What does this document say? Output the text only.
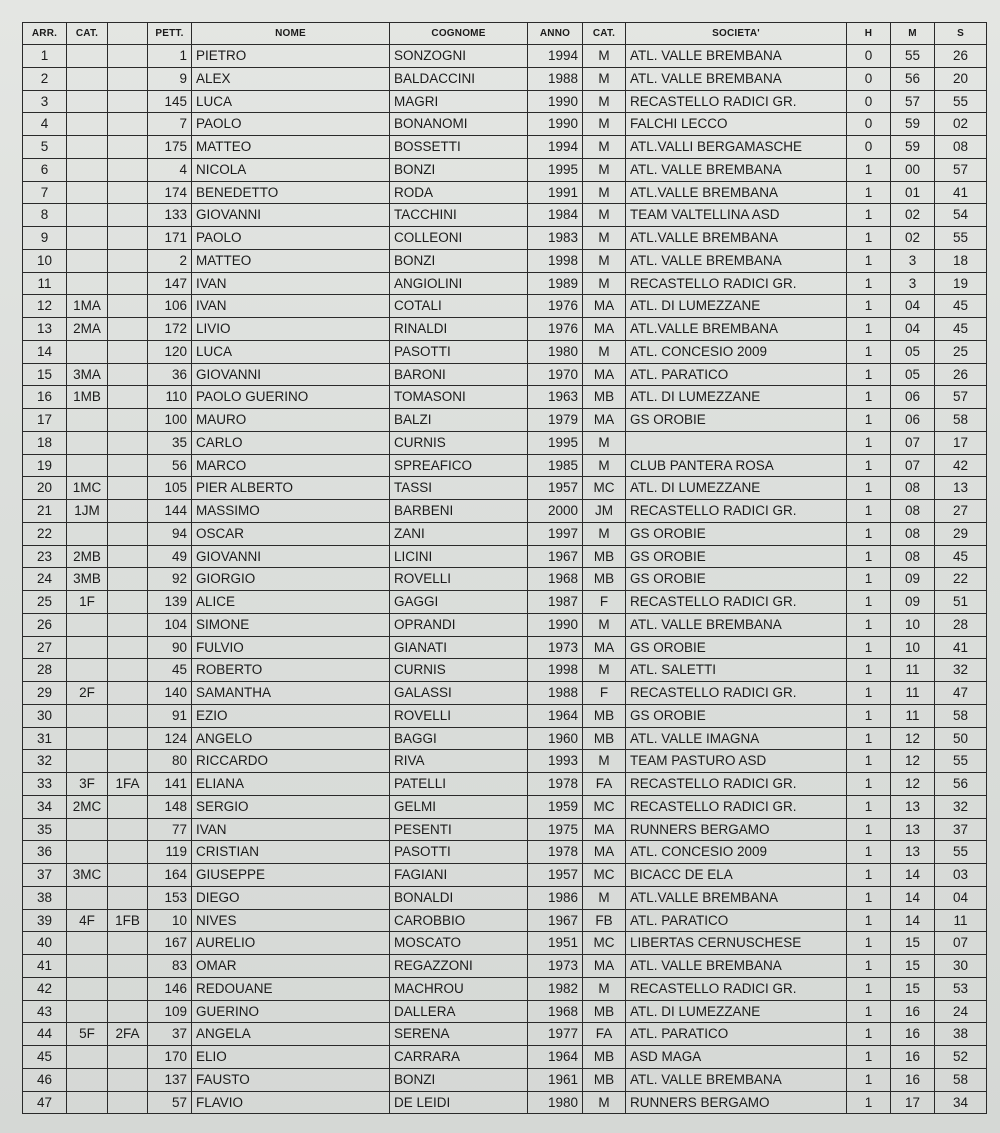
ARR.	CAT.		PETT.	NOME	COGNOME	ANNO	CAT.	SOCIETA'	H	M	S
1			1	PIETRO	SONZOGNI	1994	M	ATL. VALLE BREMBANA	0	55	26
2			9	ALEX	BALDACCINI	1988	M	ATL. VALLE BREMBANA	0	56	20
3			145	LUCA	MAGRI	1990	M	RECASTELLO RADICI GR.	0	57	55
4			7	PAOLO	BONANOMI	1990	M	FALCHI LECCO	0	59	02
5			175	MATTEO	BOSSETTI	1994	M	ATL.VALLI BERGAMASCHE	0	59	08
6			4	NICOLA	BONZI	1995	M	ATL. VALLE BREMBANA	1	00	57
7			174	BENEDETTO	RODA	1991	M	ATL.VALLE BREMBANA	1	01	41
8			133	GIOVANNI	TACCHINI	1984	M	TEAM VALTELLINA ASD	1	02	54
9			171	PAOLO	COLLEONI	1983	M	ATL.VALLE BREMBANA	1	02	55
10			2	MATTEO	BONZI	1998	M	ATL. VALLE BREMBANA	1	3	18
11			147	IVAN	ANGIOLINI	1989	M	RECASTELLO RADICI GR.	1	3	19
12	1MA		106	IVAN	COTALI	1976	MA	ATL. DI LUMEZZANE	1	04	45
13	2MA		172	LIVIO	RINALDI	1976	MA	ATL.VALLE BREMBANA	1	04	45
14			120	LUCA	PASOTTI	1980	M	ATL. CONCESIO 2009	1	05	25
15	3MA		36	GIOVANNI	BARONI	1970	MA	ATL. PARATICO	1	05	26
16	1MB		110	PAOLO GUERINO	TOMASONI	1963	MB	ATL. DI LUMEZZANE	1	06	57
17			100	MAURO	BALZI	1979	MA	GS OROBIE	1	06	58
18			35	CARLO	CURNIS	1995	M		1	07	17
19			56	MARCO	SPREAFICO	1985	M	CLUB PANTERA ROSA	1	07	42
20	1MC		105	PIER ALBERTO	TASSI	1957	MC	ATL. DI LUMEZZANE	1	08	13
21	1JM		144	MASSIMO	BARBENI	2000	JM	RECASTELLO RADICI GR.	1	08	27
22			94	OSCAR	ZANI	1997	M	GS OROBIE	1	08	29
23	2MB		49	GIOVANNI	LICINI	1967	MB	GS OROBIE	1	08	45
24	3MB		92	GIORGIO	ROVELLI	1968	MB	GS OROBIE	1	09	22
25	1F		139	ALICE	GAGGI	1987	F	RECASTELLO RADICI GR.	1	09	51
26			104	SIMONE	OPRANDI	1990	M	ATL. VALLE BREMBANA	1	10	28
27			90	FULVIO	GIANATI	1973	MA	GS OROBIE	1	10	41
28			45	ROBERTO	CURNIS	1998	M	ATL. SALETTI	1	11	32
29	2F		140	SAMANTHA	GALASSI	1988	F	RECASTELLO RADICI GR.	1	11	47
30			91	EZIO	ROVELLI	1964	MB	GS OROBIE	1	11	58
31			124	ANGELO	BAGGI	1960	MB	ATL. VALLE IMAGNA	1	12	50
32			80	RICCARDO	RIVA	1993	M	TEAM PASTURO ASD	1	12	55
33	3F	1FA	141	ELIANA	PATELLI	1978	FA	RECASTELLO RADICI GR.	1	12	56
34	2MC		148	SERGIO	GELMI	1959	MC	RECASTELLO RADICI GR.	1	13	32
35			77	IVAN	PESENTI	1975	MA	RUNNERS BERGAMO	1	13	37
36			119	CRISTIAN	PASOTTI	1978	MA	ATL. CONCESIO 2009	1	13	55
37	3MC		164	GIUSEPPE	FAGIANI	1957	MC	BICACC DE ELA	1	14	03
38			153	DIEGO	BONALDI	1986	M	ATL.VALLE BREMBANA	1	14	04
39	4F	1FB	10	NIVES	CAROBBIO	1967	FB	ATL. PARATICO	1	14	11
40			167	AURELIO	MOSCATO	1951	MC	LIBERTAS CERNUSCHESE	1	15	07
41			83	OMAR	REGAZZONI	1973	MA	ATL. VALLE BREMBANA	1	15	30
42			146	REDOUANE	MACHROU	1982	M	RECASTELLO RADICI GR.	1	15	53
43			109	GUERINO	DALLERA	1968	MB	ATL. DI LUMEZZANE	1	16	24
44	5F	2FA	37	ANGELA	SERENA	1977	FA	ATL. PARATICO	1	16	38
45			170	ELIO	CARRARA	1964	MB	ASD MAGA	1	16	52
46			137	FAUSTO	BONZI	1961	MB	ATL. VALLE BREMBANA	1	16	58
47			57	FLAVIO	DE LEIDI	1980	M	RUNNERS BERGAMO	1	17	34
